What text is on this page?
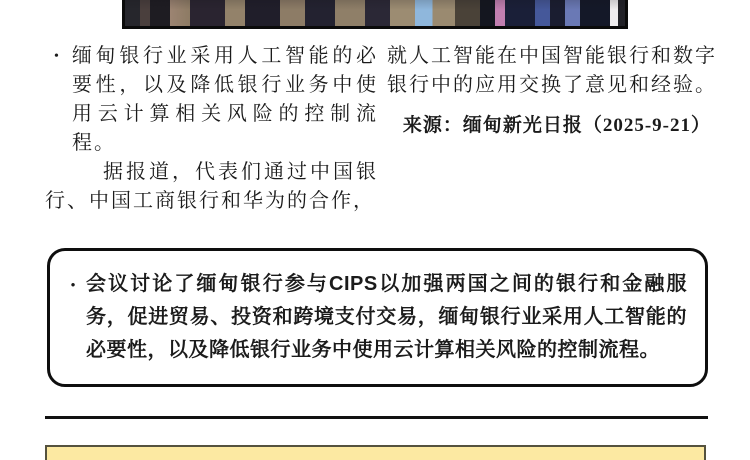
• 缅甸银行业采用人工智能的必要性，以及降低银行业务中使用云计算相关风险的控制流程。
据报道，代表们通过中国银行、中国工商银行和华为的合作，
就人工智能在中国智能银行和数字银行中的应用交换了意见和经验。
来源：缅甸新光日报（2025-9-21）
• 会议讨论了缅甸银行参与CIPS以加强两国之间的银行和金融服务，促进贸易、投资和跨境支付交易，缅甸银行业采用人工智能的必要性，以及降低银行业务中使用云计算相关风险的控制流程。
